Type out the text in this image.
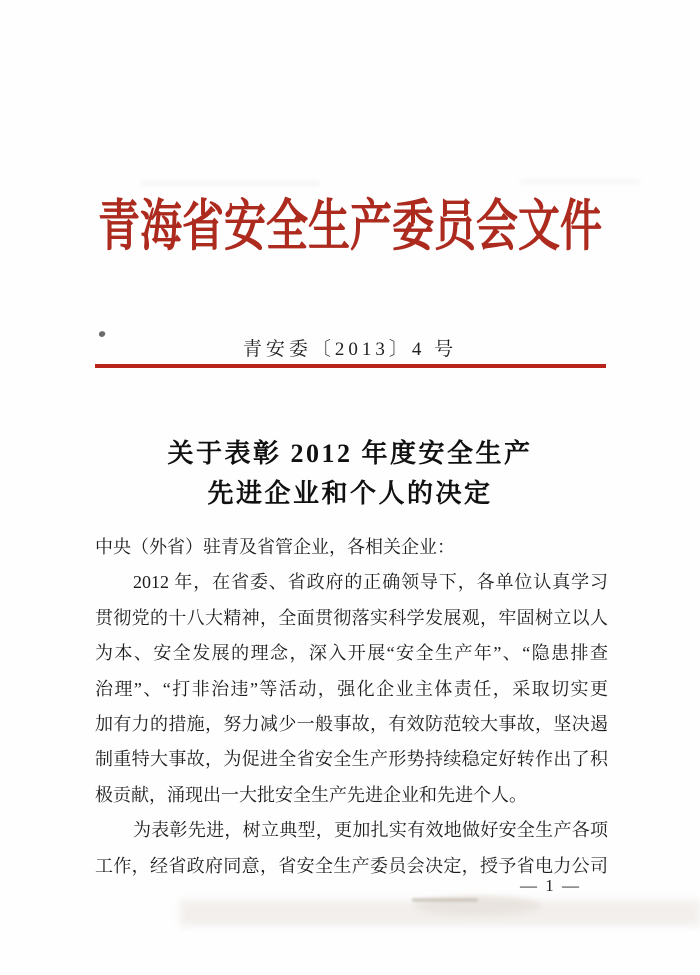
青海省安全生产委员会文件
青安委〔2013〕4 号
关于表彰 2012 年度安全生产
先进企业和个人的决定
中央（外省）驻青及省管企业，各相关企业：
2012 年，在省委、省政府的正确领导下，各单位认真学习
贯彻党的十八大精神，全面贯彻落实科学发展观，牢固树立以人
为本、安全发展的理念，深入开展“安全生产年”、“隐患排查
治理”、“打非治违”等活动，强化企业主体责任，采取切实更
加有力的措施，努力减少一般事故，有效防范较大事故，坚决遏
制重特大事故，为促进全省安全生产形势持续稳定好转作出了积
极贡献，涌现出一大批安全生产先进企业和先进个人。
为表彰先进，树立典型，更加扎实有效地做好安全生产各项
工作，经省政府同意，省安全生产委员会决定，授予省电力公司
— 1 —
